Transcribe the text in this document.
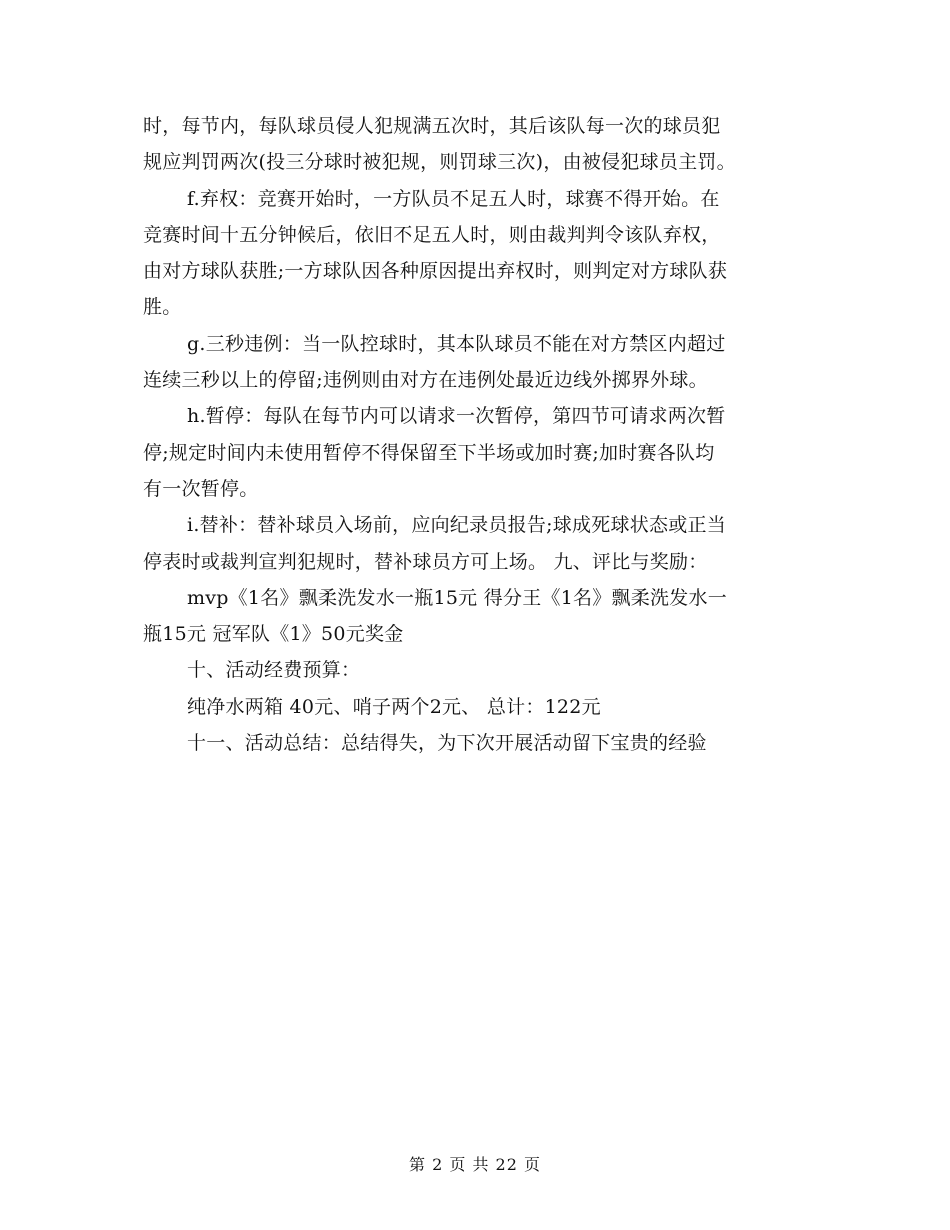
时，每节内，每队球员侵人犯规满五次时，其后该队每一次的球员犯
规应判罚两次(投三分球时被犯规，则罚球三次)，由被侵犯球员主罚。
f.弃权：竞赛开始时，一方队员不足五人时，球赛不得开始。在
竞赛时间十五分钟候后，依旧不足五人时，则由裁判判令该队弃权，
由对方球队获胜;一方球队因各种原因提出弃权时，则判定对方球队获
胜。
g.三秒违例：当一队控球时，其本队球员不能在对方禁区内超过
连续三秒以上的停留;违例则由对方在违例处最近边线外掷界外球。
h.暂停：每队在每节内可以请求一次暂停，第四节可请求两次暂
停;规定时间内未使用暂停不得保留至下半场或加时赛;加时赛各队均
有一次暂停。
i.替补：替补球员入场前，应向纪录员报告;球成死球状态或正当
停表时或裁判宣判犯规时，替补球员方可上场。 九、评比与奖励：
mvp《1名》飘柔洗发水一瓶15元 得分王《1名》飘柔洗发水一
瓶15元 冠军队《1》50元奖金
十、活动经费预算：
纯净水两箱 40元、哨子两个2元、 总计：122元
十一、活动总结：总结得失，为下次开展活动留下宝贵的经验
第 2 页 共 22 页
